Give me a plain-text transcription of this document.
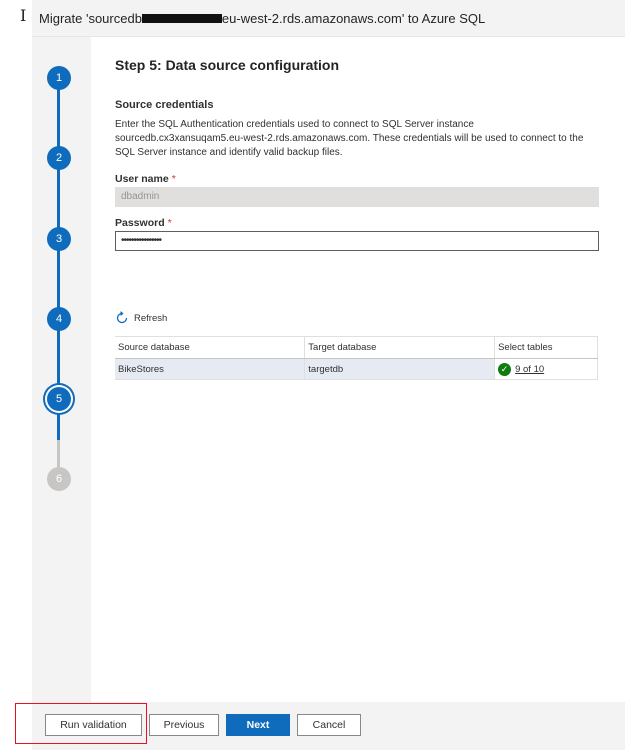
I Migrate 'sourcedb	eu-west-2.rds.amazonaws.com' to Azure SQL
1
2
3
4
5
6
Step 5: Data source configuration
Source credentials
Enter the SQL Authentication credentials used to connect to SQL Server instance sourcedb.cx3xansuqam5.eu-west-2.rds.amazonaws.com. These credentials will be used to connect to the SQL Server instance and identify valid backup files.
User name *
dbadmin
Password *
••••••••••••••••
Refresh
Source database	Target database	Select tables
BikeStores	targetdb	✓ 9 of 10
Run validation	Previous	Next	Cancel
